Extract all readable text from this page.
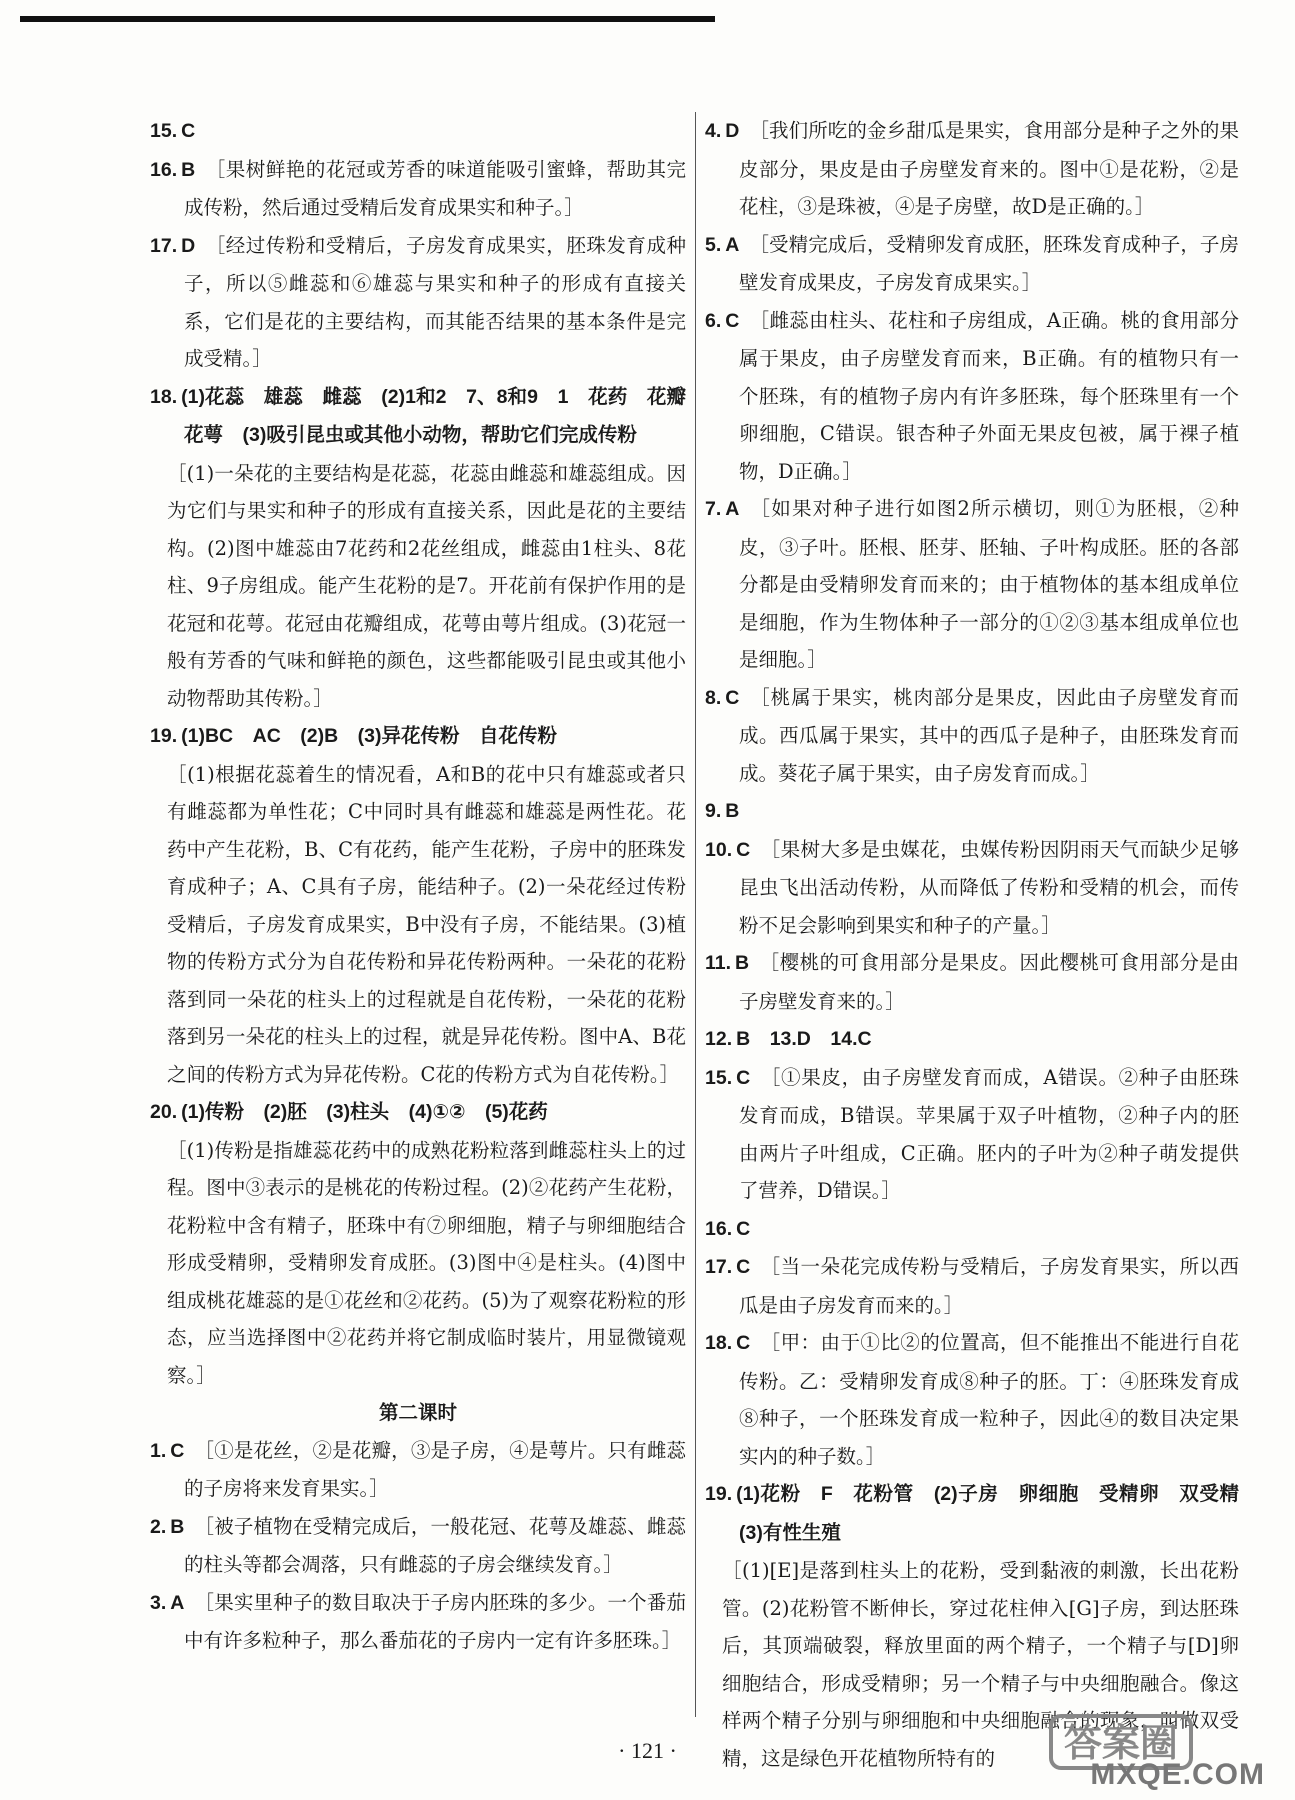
15. C

16. B ［果树鲜艳的花冠或芳香的味道能吸引蜜蜂，帮助其完成传粉，然后通过受精后发育成果实和种子。］

17. D ［经过传粉和受精后，子房发育成果实，胚珠发育成种子，所以⑤雌蕊和⑥雄蕊与果实和种子的形成有直接关系，它们是花的主要结构，而其能否结果的基本条件是完成受精。］

18. (1)花蕊　雄蕊　雌蕊　(2)1和2　7、8和9　1　花药　花瓣　花萼　(3)吸引昆虫或其他小动物，帮助它们完成传粉

［(1)一朵花的主要结构是花蕊，花蕊由雌蕊和雄蕊组成。因为它们与果实和种子的形成有直接关系，因此是花的主要结构。(2)图中雄蕊由7花药和2花丝组成，雌蕊由1柱头、8花柱、9子房组成。能产生花粉的是7。开花前有保护作用的是花冠和花萼。花冠由花瓣组成，花萼由萼片组成。(3)花冠一般有芳香的气味和鲜艳的颜色，这些都能吸引昆虫或其他小动物帮助其传粉。］

19. (1)BC　AC　(2)B　(3)异花传粉　自花传粉

［(1)根据花蕊着生的情况看，A和B的花中只有雄蕊或者只有雌蕊都为单性花；C中同时具有雌蕊和雄蕊是两性花。花药中产生花粉，B、C有花药，能产生花粉，子房中的胚珠发育成种子；A、C具有子房，能结种子。(2)一朵花经过传粉受精后，子房发育成果实，B中没有子房，不能结果。(3)植物的传粉方式分为自花传粉和异花传粉两种。一朵花的花粉落到同一朵花的柱头上的过程就是自花传粉，一朵花的花粉落到另一朵花的柱头上的过程，就是异花传粉。图中A、B花之间的传粉方式为异花传粉。C花的传粉方式为自花传粉。］

20. (1)传粉　(2)胚　(3)柱头　(4)①②　(5)花药

［(1)传粉是指雄蕊花药中的成熟花粉粒落到雌蕊柱头上的过程。图中③表示的是桃花的传粉过程。(2)②花药产生花粉，花粉粒中含有精子，胚珠中有⑦卵细胞，精子与卵细胞结合形成受精卵，受精卵发育成胚。(3)图中④是柱头。(4)图中组成桃花雄蕊的是①花丝和②花药。(5)为了观察花粉粒的形态，应当选择图中②花药并将它制成临时装片，用显微镜观察。］

第二课时

1. C ［①是花丝，②是花瓣，③是子房，④是萼片。只有雌蕊的子房将来发育果实。］

2. B ［被子植物在受精完成后，一般花冠、花萼及雄蕊、雌蕊的柱头等都会凋落，只有雌蕊的子房会继续发育。］

3. A ［果实里种子的数目取决于子房内胚珠的多少。一个番茄中有许多粒种子，那么番茄花的子房内一定有许多胚珠。］

4. D ［我们所吃的金乡甜瓜是果实，食用部分是种子之外的果皮部分，果皮是由子房壁发育来的。图中①是花粉，②是花柱，③是珠被，④是子房壁，故D是正确的。］

5. A ［受精完成后，受精卵发育成胚，胚珠发育成种子，子房壁发育成果皮，子房发育成果实。］

6. C ［雌蕊由柱头、花柱和子房组成，A正确。桃的食用部分属于果皮，由子房壁发育而来，B正确。有的植物只有一个胚珠，有的植物子房内有许多胚珠，每个胚珠里有一个卵细胞，C错误。银杏种子外面无果皮包被，属于裸子植物，D正确。］

7. A ［如果对种子进行如图2所示横切，则①为胚根，②种皮，③子叶。胚根、胚芽、胚轴、子叶构成胚。胚的各部分都是由受精卵发育而来的；由于植物体的基本组成单位是细胞，作为生物体种子一部分的①②③基本组成单位也是细胞。］

8. C ［桃属于果实，桃肉部分是果皮，因此由子房壁发育而成。西瓜属于果实，其中的西瓜子是种子，由胚珠发育而成。葵花子属于果实，由子房发育而成。］

9. B

10. C ［果树大多是虫媒花，虫媒传粉因阴雨天气而缺少足够昆虫飞出活动传粉，从而降低了传粉和受精的机会，而传粉不足会影响到果实和种子的产量。］

11. B ［樱桃的可食用部分是果皮。因此樱桃可食用部分是由子房壁发育来的。］

12. B　13.D　14.C

15. C ［①果皮，由子房壁发育而成，A错误。②种子由胚珠发育而成，B错误。苹果属于双子叶植物，②种子内的胚由两片子叶组成，C正确。胚内的子叶为②种子萌发提供了营养，D错误。］

16. C

17. C ［当一朵花完成传粉与受精后，子房发育果实，所以西瓜是由子房发育而来的。］

18. C ［甲：由于①比②的位置高，但不能推出不能进行自花传粉。乙：受精卵发育成⑧种子的胚。丁：④胚珠发育成⑧种子，一个胚珠发育成一粒种子，因此④的数目决定果实内的种子数。］

19. (1)花粉　F　花粉管　(2)子房　卵细胞　受精卵　双受精　(3)有性生殖

［(1)[E]是落到柱头上的花粉，受到黏液的刺激，长出花粉管。(2)花粉管不断伸长，穿过花柱伸入[G]子房，到达胚珠后，其顶端破裂，释放里面的两个精子，一个精子与[D]卵细胞结合，形成受精卵；另一个精子与中央细胞融合。像这样两个精子分别与卵细胞和中央细胞融合的现象，叫做双受精，这是绿色开花植物所特有的

· 121 ·	答案圈
MXQE.COM
